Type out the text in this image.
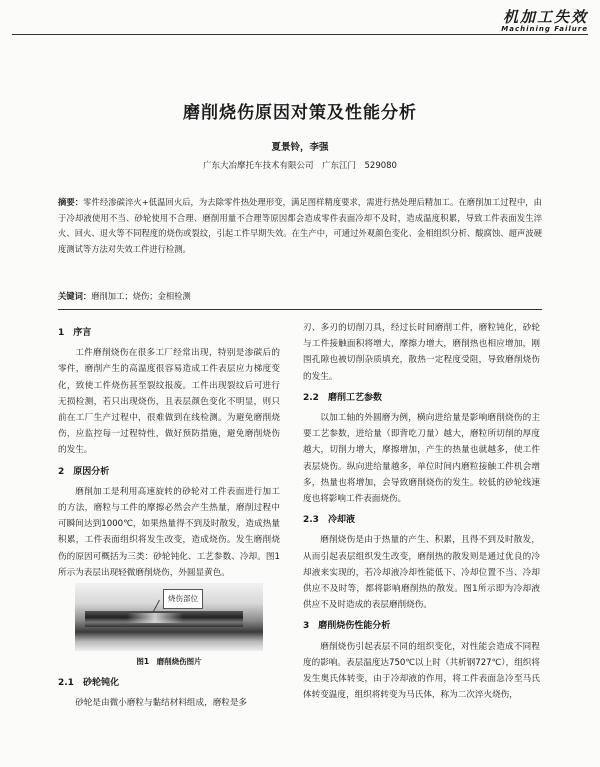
机加工失效
Machining Failure
磨削烧伤原因对策及性能分析
夏景铃，李强
广东大冶摩托车技术有限公司　广东江门　529080
摘要：零件经渗碳淬火+低温回火后，为去除零件热处理形变，满足图样精度要求，需进行热处理后精加工。在磨削加工过程中，由于冷却液使用不当、砂轮使用不合理、磨削用量不合理等原因都会造成零件表面冷却不及时，造成温度积累，导致工件表面发生淬火、回火、退火等不同程度的烧伤或裂纹，引起工件早期失效。在生产中，可通过外观颜色变化、金相组织分析、酸腐蚀、超声波硬度测试等方法对失效工件进行检测。
关键词：磨削加工；烧伤；金相检测
1　序言

工件磨削烧伤在很多工厂经常出现，特别是渗碳后的零件，磨削产生的高温度很容易造成工件表层应力梯度变化，致使工件烧伤甚至裂纹报废。工件出现裂纹后可进行无损检测，若只出现烧伤，且表层颜色变化不明显，则只前在工厂生产过程中，很难做到在线检测。为避免磨削烧伤，应监控每一过程特性，做好预防措施，避免磨削烧伤的发生。

2　原因分析

磨削加工是利用高速旋转的砂轮对工件表面进行加工的方法，磨粒与工件的摩擦必然会产生热量，磨削过程中可瞬间达到1000℃，如果热量得不到及时散发，造成热量积累，工件表面组织将发生改变，造成烧伤。发生磨削烧伤的原因可概括为三类：砂轮钝化、工艺参数、冷却。图1所示为表层出现轻微磨削烧伤，外圆显黄色。

烧伤部位
图1　磨削烧伤图片
2.1　砂轮钝化

砂轮是由微小磨粒与黏结材料组成，磨粒是多

刃、多刃的切削刀具，经过长时间磨削工件，磨粒钝化，砂轮与工件接触面积将增大，摩擦力增大，磨削热也相应增加，刚围孔隙也被切削杂质填充，散热一定程度受阻，导致磨削烧伤的发生。

2.2　磨削工艺参数

以加工轴的外圆磨为例，横向进给量是影响磨削烧伤的主要工艺参数，进给量（即背吃刀量）越大，磨粒所切削的厚度越大，切削力增大，摩擦增加，产生的热量也就越多，使工件表层烧伤。纵向进给量越多，单位时间内磨粒接触工件机会增多，热量也将增加，会导致磨削烧伤的发生。较低的砂轮线速度也将影响工件表面烧伤。

2.3　冷却液

磨削烧伤是由于热量的产生、积累，且得不到及时散发，从而引起表层组织发生改变，磨削热的散发则是通过优良的冷却液来实现的，若冷却液冷却性能低下、冷却位置不当、冷却供应不及时等，都将影响磨削热的散发。图1所示即为冷却液供应不及时造成的表层磨削烧伤。

3　磨削烧伤性能分析

磨削烧伤引起表层不同的组织变化，对性能会造成不同程度的影响。表层温度达750℃以上时（共析钢727℃），组织将发生奥氏体转变，由于冷却液的作用，将工件表面急冷至马氏体转变温度，组织将转变为马氏体，称为二次淬火烧伤，
